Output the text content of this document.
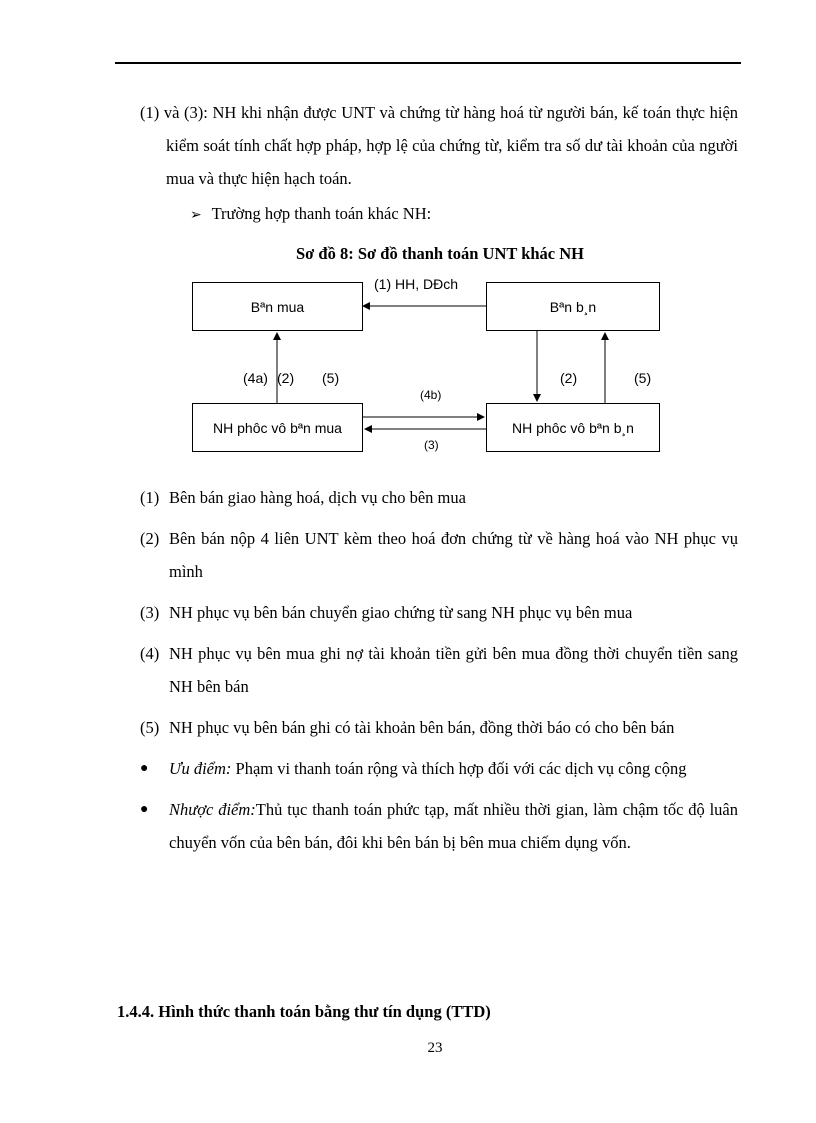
(1) và (3): NH khi nhận được UNT và chứng từ hàng hoá từ người bán, kế toán thực hiện kiểm soát tính chất hợp pháp, hợp lệ của chứng từ, kiểm tra số dư tài khoản của người mua và thực hiện hạch toán.
➢ Trường hợp thanh toán khác NH:
Sơ đồ 8: Sơ đồ thanh toán UNT khác NH
Bªn mua	Bªn b¸n
NH phôc vô bªn mua	NH phôc vô bªn b¸n
(1) HH, DÐch
(4a) (2) (5)
(4b)
(3)
(2)	(5)
(1) Bên bán giao hàng hoá, dịch vụ cho bên mua
(2) Bên bán nộp 4 liên UNT kèm theo hoá đơn chứng từ về hàng hoá vào NH phục vụ mình
(3) NH phục vụ bên bán chuyển giao chứng từ sang NH phục vụ bên mua
(4) NH phục vụ bên mua ghi nợ tài khoản tiền gửi bên mua đồng thời chuyển tiền sang NH bên bán
(5) NH phục vụ bên bán ghi có tài khoản bên bán, đồng thời báo có cho bên bán
● Ưu điểm: Phạm vi thanh toán rộng và thích hợp đối với các dịch vụ công cộng
● Nhược điểm:Thủ tục thanh toán phức tạp, mất nhiều thời gian, làm chậm tốc độ luân chuyển vốn của bên bán, đôi khi bên bán bị bên mua chiếm dụng vốn.
1.4.4. Hình thức thanh toán bằng thư tín dụng (TTD)
23
